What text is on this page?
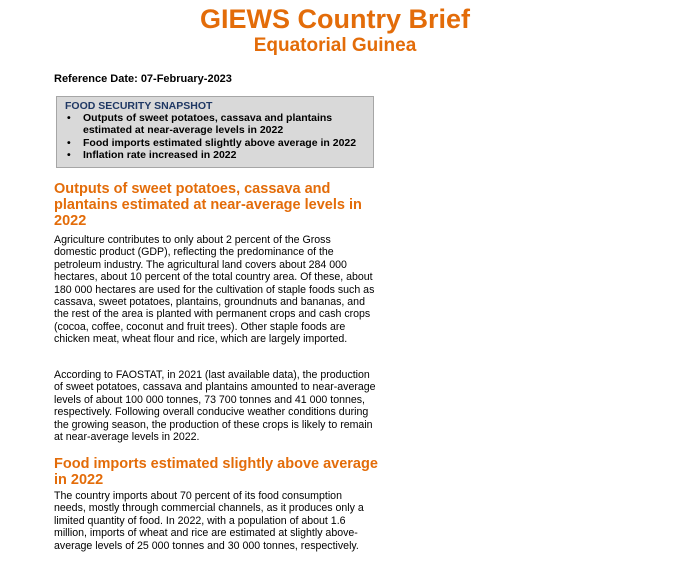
GIEWS Country Brief
Equatorial Guinea
Reference Date: 07-February-2023
FOOD SECURITY SNAPSHOT
• Outputs of sweet potatoes, cassava and plantains estimated at near-average levels in 2022
• Food imports estimated slightly above average in 2022
• Inflation rate increased in 2022
Outputs of sweet potatoes, cassava and plantains estimated at near-average levels in 2022
Agriculture contributes to only about 2 percent of the Gross domestic product (GDP), reflecting the predominance of the petroleum industry. The agricultural land covers about 284 000 hectares, about 10 percent of the total country area. Of these, about 180 000 hectares are used for the cultivation of staple foods such as cassava, sweet potatoes, plantains, groundnuts and bananas, and the rest of the area is planted with permanent crops and cash crops (cocoa, coffee, coconut and fruit trees). Other staple foods are chicken meat, wheat flour and rice, which are largely imported.
According to FAOSTAT, in 2021 (last available data), the production of sweet potatoes, cassava and plantains amounted to near-average levels of about 100 000 tonnes, 73 700 tonnes and 41 000 tonnes, respectively. Following overall conducive weather conditions during the growing season, the production of these crops is likely to remain at near-average levels in 2022.
Food imports estimated slightly above average in 2022
The country imports about 70 percent of its food consumption needs, mostly through commercial channels, as it produces only a limited quantity of food. In 2022, with a population of about 1.6 million, imports of wheat and rice are estimated at slightly above-average levels of 25 000 tonnes and 30 000 tonnes, respectively.
